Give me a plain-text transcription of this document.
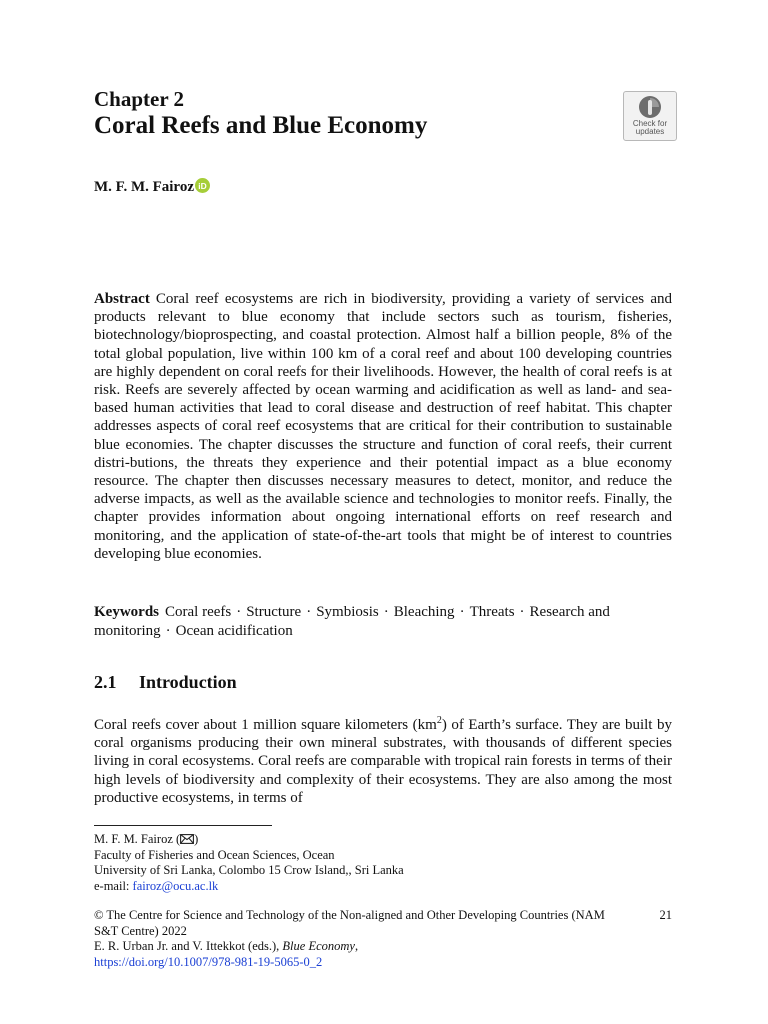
Chapter 2
Coral Reefs and Blue Economy
M. F. M. Fairoz iD
Abstract Coral reef ecosystems are rich in biodiversity, providing a variety of services and products relevant to blue economy that include sectors such as tourism, fisheries, biotechnology/bioprospecting, and coastal protection. Almost half a billion people, 8% of the total global population, live within 100 km of a coral reef and about 100 developing countries are highly dependent on coral reefs for their livelihoods. However, the health of coral reefs is at risk. Reefs are severely affected by ocean warming and acidification as well as land- and sea-based human activities that lead to coral disease and destruction of reef habitat. This chapter addresses aspects of coral reef ecosystems that are critical for their contribution to sustainable blue economies. The chapter discusses the structure and function of coral reefs, their current distri-butions, the threats they experience and their potential impact as a blue economy resource. The chapter then discusses necessary measures to detect, monitor, and reduce the adverse impacts, as well as the available science and technologies to monitor reefs. Finally, the chapter provides information about ongoing international efforts on reef research and monitoring, and the application of state-of-the-art tools that might be of interest to countries developing blue economies.
Keywords Coral reefs · Structure · Symbiosis · Bleaching · Threats · Research and monitoring · Ocean acidification
2.1 Introduction
Coral reefs cover about 1 million square kilometers $(km^2)$ of Earth’s surface. They are built by coral organisms producing their own mineral substrates, with thousands of different species living in coral ecosystems. Coral reefs are comparable with tropical rain forests in terms of their high levels of biodiversity and complexity of their ecosystems. They are also among the most productive ecosystems, in terms of
M. F. M. Fairoz ( )
Faculty of Fisheries and Ocean Sciences, Ocean
University of Sri Lanka, Colombo 15 Crow Island,, Sri Lanka
e-mail: fairoz@ocu.ac.lk
© The Centre for Science and Technology of the Non-aligned and Other Developing Countries (NAM S&T Centre) 2022
E. R. Urban Jr. and V. Ittekkot (eds.), Blue Economy,
https://doi.org/10.1007/978-981-19-5065-0_2
21
Check for
updates
